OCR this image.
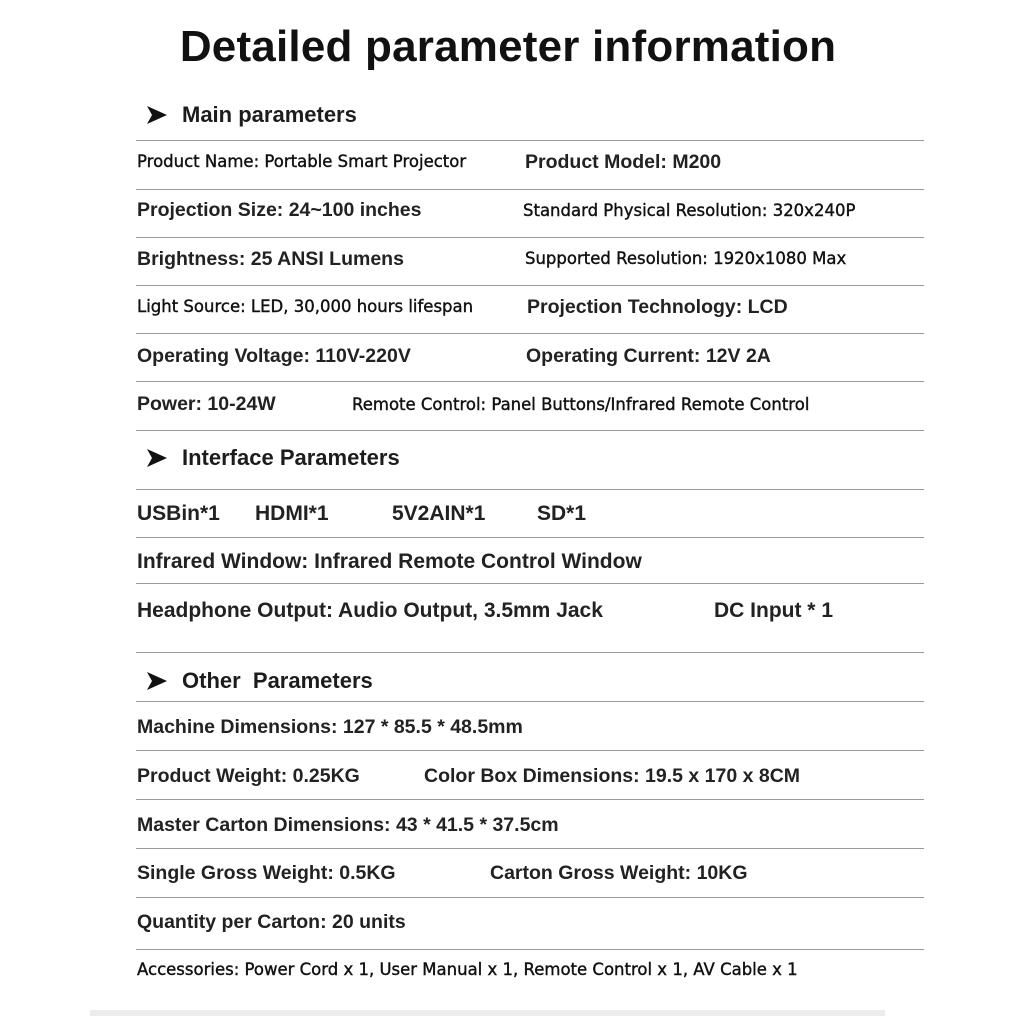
Detailed parameter information
Main parameters
Product Name: Portable Smart Projector	Product Model: M200
Projection Size: 24~100 inches	Standard Physical Resolution: 320x240P
Brightness: 25 ANSI Lumens	Supported Resolution: 1920x1080 Max
Light Source: LED, 30,000 hours lifespan	Projection Technology: LCD
Operating Voltage: 110V-220V	Operating Current: 12V 2A
Power: 10-24W	Remote Control: Panel Buttons/Infrared Remote Control
Interface Parameters
USBin*1 HDMI*1	5V2AIN*1 SD*1
Infrared Window: Infrared Remote Control Window
Headphone Output: Audio Output, 3.5mm Jack	DC Input * 1
Other  Parameters
Machine Dimensions: 127 * 85.5 * 48.5mm
Product Weight: 0.25KG	Color Box Dimensions: 19.5 x 170 x 8CM
Master Carton Dimensions: 43 * 41.5 * 37.5cm
Single Gross Weight: 0.5KG	Carton Gross Weight: 10KG
Quantity per Carton: 20 units
Accessories: Power Cord x 1, User Manual x 1, Remote Control x 1, AV Cable x 1
